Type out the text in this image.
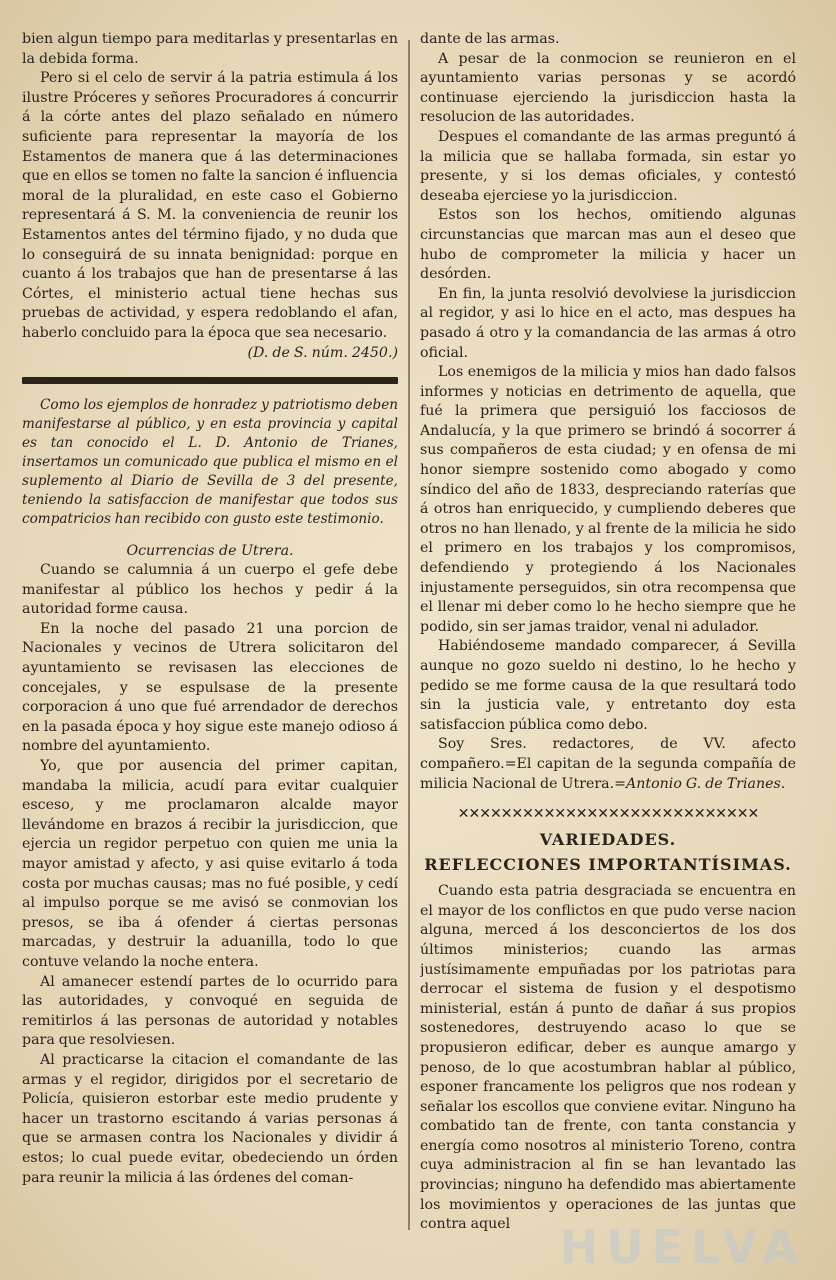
bien algun tiempo para meditarlas y presentarlas en la debida forma.

Pero si el celo de servir á la patria estimula á los ilustre Próceres y señores Procuradores á concurrir á la córte antes del plazo señalado en número suficiente para representar la mayoría de los Estamentos de manera que á las determinaciones que en ellos se tomen no falte la sancion é influencia moral de la pluralidad, en este caso el Gobierno representará á S. M. la conveniencia de reunir los Estamentos antes del término fijado, y no duda que lo conseguirá de su innata benignidad: porque en cuanto á los trabajos que han de presentarse á las Córtes, el ministerio actual tiene hechas sus pruebas de actividad, y espera redoblando el afan, haberlo concluido para la época que sea necesario.
(D. de S. núm. 2450.)

Como los ejemplos de honradez y patriotismo deben manifestarse al público, y en esta provincia y capital es tan conocido el L. D. Antonio de Trianes, insertamos un comunicado que publica el mismo en el suplemento al Diario de Sevilla de 3 del presente, teniendo la satisfaccion de manifestar que todos sus compatricios han recibido con gusto este testimonio.

Ocurrencias de Utrera.

Cuando se calumnia á un cuerpo el gefe debe manifestar al público los hechos y pedir á la autoridad forme causa.

En la noche del pasado 21 una porcion de Nacionales y vecinos de Utrera solicitaron del ayuntamiento se revisasen las elecciones de concejales, y se espulsase de la presente corporacion á uno que fué arrendador de derechos en la pasada época y hoy sigue este manejo odioso á nombre del ayuntamiento.

Yo, que por ausencia del primer capitan, mandaba la milicia, acudí para evitar cualquier esceso, y me proclamaron alcalde mayor llevándome en brazos á recibir la jurisdiccion, que ejercia un regidor perpetuo con quien me unia la mayor amistad y afecto, y asi quise evitarlo á toda costa por muchas causas; mas no fué posible, y cedí al impulso porque se me avisó se conmovian los presos, se iba á ofender á ciertas personas marcadas, y destruir la aduanilla, todo lo que contuve velando la noche entera.

Al amanecer estendí partes de lo ocurrido para las autoridades, y convoqué en seguida de remitirlos á las personas de autoridad y notables para que resolviesen.

Al practicarse la citacion el comandante de las armas y el regidor, dirigidos por el secretario de Policía, quisieron estorbar este medio prudente y hacer un trastorno escitando á varias personas á que se armasen contra los Nacionales y dividir á estos; lo cual puede evitar, obedeciendo un órden para reunir la milicia á las órdenes del coman-

dante de las armas.

A pesar de la conmocion se reunieron en el ayuntamiento varias personas y se acordó continuase ejerciendo la jurisdiccion hasta la resolucion de las autoridades.

Despues el comandante de las armas preguntó á la milicia que se hallaba formada, sin estar yo presente, y si los demas oficiales, y contestó deseaba ejerciese yo la jurisdiccion.

Estos son los hechos, omitiendo algunas circunstancias que marcan mas aun el deseo que hubo de comprometer la milicia y hacer un desórden.

En fin, la junta resolvió devolviese la jurisdiccion al regidor, y asi lo hice en el acto, mas despues ha pasado á otro y la comandancia de las armas á otro oficial.

Los enemigos de la milicia y mios han dado falsos informes y noticias en detrimento de aquella, que fué la primera que persiguió los facciosos de Andalucía, y la que primero se brindó á socorrer á sus compañeros de esta ciudad; y en ofensa de mi honor siempre sostenido como abogado y como síndico del año de 1833, despreciando raterías que á otros han enriquecido, y cumpliendo deberes que otros no han llenado, y al frente de la milicia he sido el primero en los trabajos y los compromisos, defendiendo y protegiendo á los Nacionales injustamente perseguidos, sin otra recompensa que el llenar mi deber como lo he hecho siempre que he podido, sin ser jamas traidor, venal ni adulador.

Habiéndoseme mandado comparecer, á Sevilla aunque no gozo sueldo ni destino, lo he hecho y pedido se me forme causa de la que resultará todo sin la justicia vale, y entretanto doy esta satisfaccion pública como debo.

Soy Sres. redactores, de VV. afecto compañero.=El capitan de la segunda compañía de milicia Nacional de Utrera.=Antonio G. de Trianes.

✕✕✕✕✕✕✕✕✕✕✕✕✕✕✕✕✕✕✕✕✕✕✕✕✕✕✕✕
VARIEDADES.
REFLECCIONES IMPORTANTÍSIMAS.

Cuando esta patria desgraciada se encuentra en el mayor de los conflictos en que pudo verse nacion alguna, merced á los desconciertos de los dos últimos ministerios; cuando las armas justísimamente empuñadas por los patriotas para derrocar el sistema de fusion y el despotismo ministerial, están á punto de dañar á sus propios sostenedores, destruyendo acaso lo que se propusieron edificar, deber es aunque amargo y penoso, de lo que acostumbran hablar al público, esponer francamente los peligros que nos rodean y señalar los escollos que conviene evitar. Ninguno ha combatido tan de frente, con tanta constancia y energía como nosotros al ministerio Toreno, contra cuya administracion al fin se han levantado las provincias; ninguno ha defendido mas abiertamente los movimientos y operaciones de las juntas que contra aquel	HUELVA
